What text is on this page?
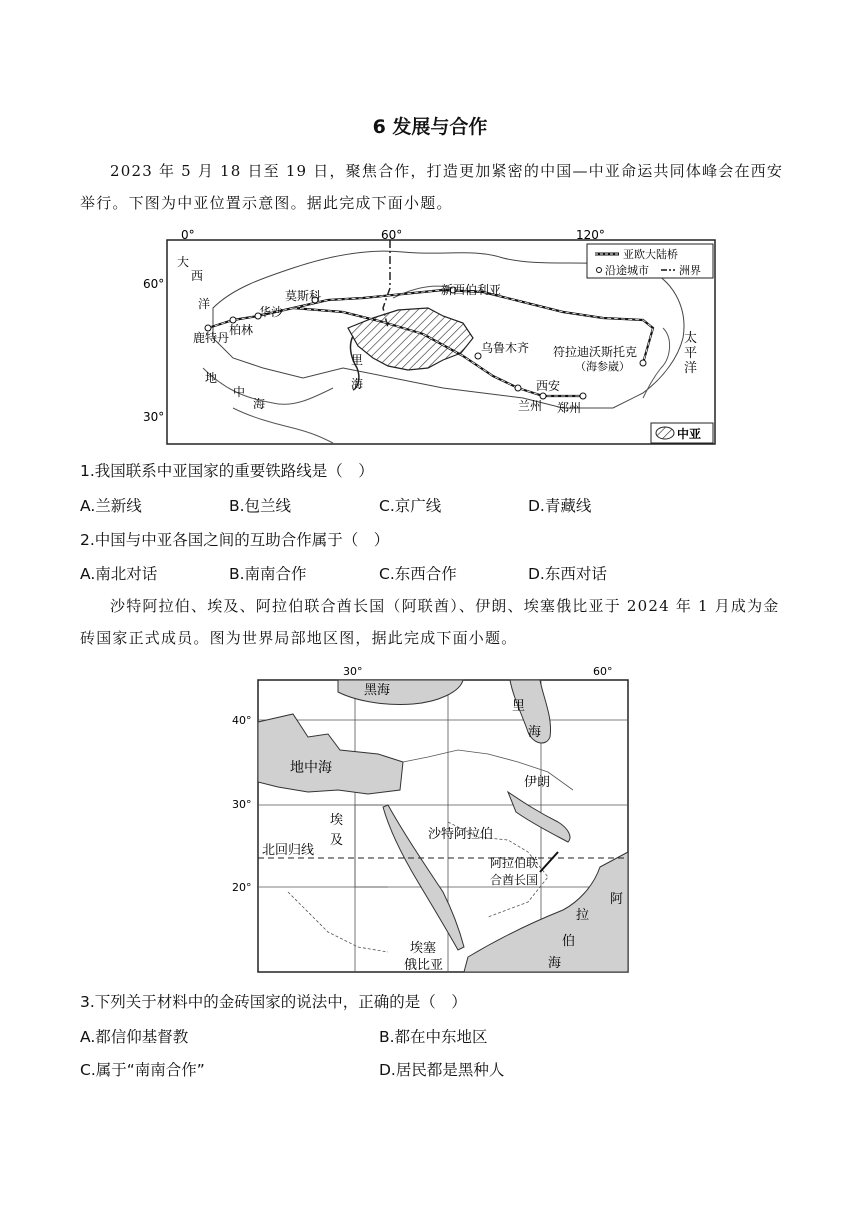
6 发展与合作

2023 年 5 月 18 日至 19 日，聚焦合作，打造更加紧密的中国—中亚命运共同体峰会在西安举行。下图为中亚位置示意图。据此完成下面小题。

0°	60°	120°
60°
30°
亚欧大陆桥
沿途城市	洲界
中亚
大
西
洋
莫斯科
华沙
柏林
鹿特丹
新西伯利亚
乌鲁木齐 符拉迪沃斯托克
（海参崴）
太
平
洋
里
海
地
中
海
西安
兰州 郑州
1.我国联系中亚国家的重要铁路线是（　）
A.兰新线	B.包兰线	C.京广线	D.青藏线
2.中国与中亚各国之间的互助合作属于（　）
A.南北对话	B.南南合作	C.东西合作	D.东西对话

沙特阿拉伯、埃及、阿拉伯联合酋长国（阿联酋）、伊朗、埃塞俄比亚于 2024 年 1 月成为金砖国家正式成员。图为世界局部地区图，据此完成下面小题。

30°	60°
40°
30°
20°
黑海
里
海
地中海
伊朗
埃
及	沙特阿拉伯
北回归线
阿拉伯联
合酋长国
埃塞
俄比亚
阿
拉
伯
海
3.下列关于材料中的金砖国家的说法中，正确的是（　）
A.都信仰基督教	B.都在中东地区
C.属于“南南合作”	D.居民都是黑种人
